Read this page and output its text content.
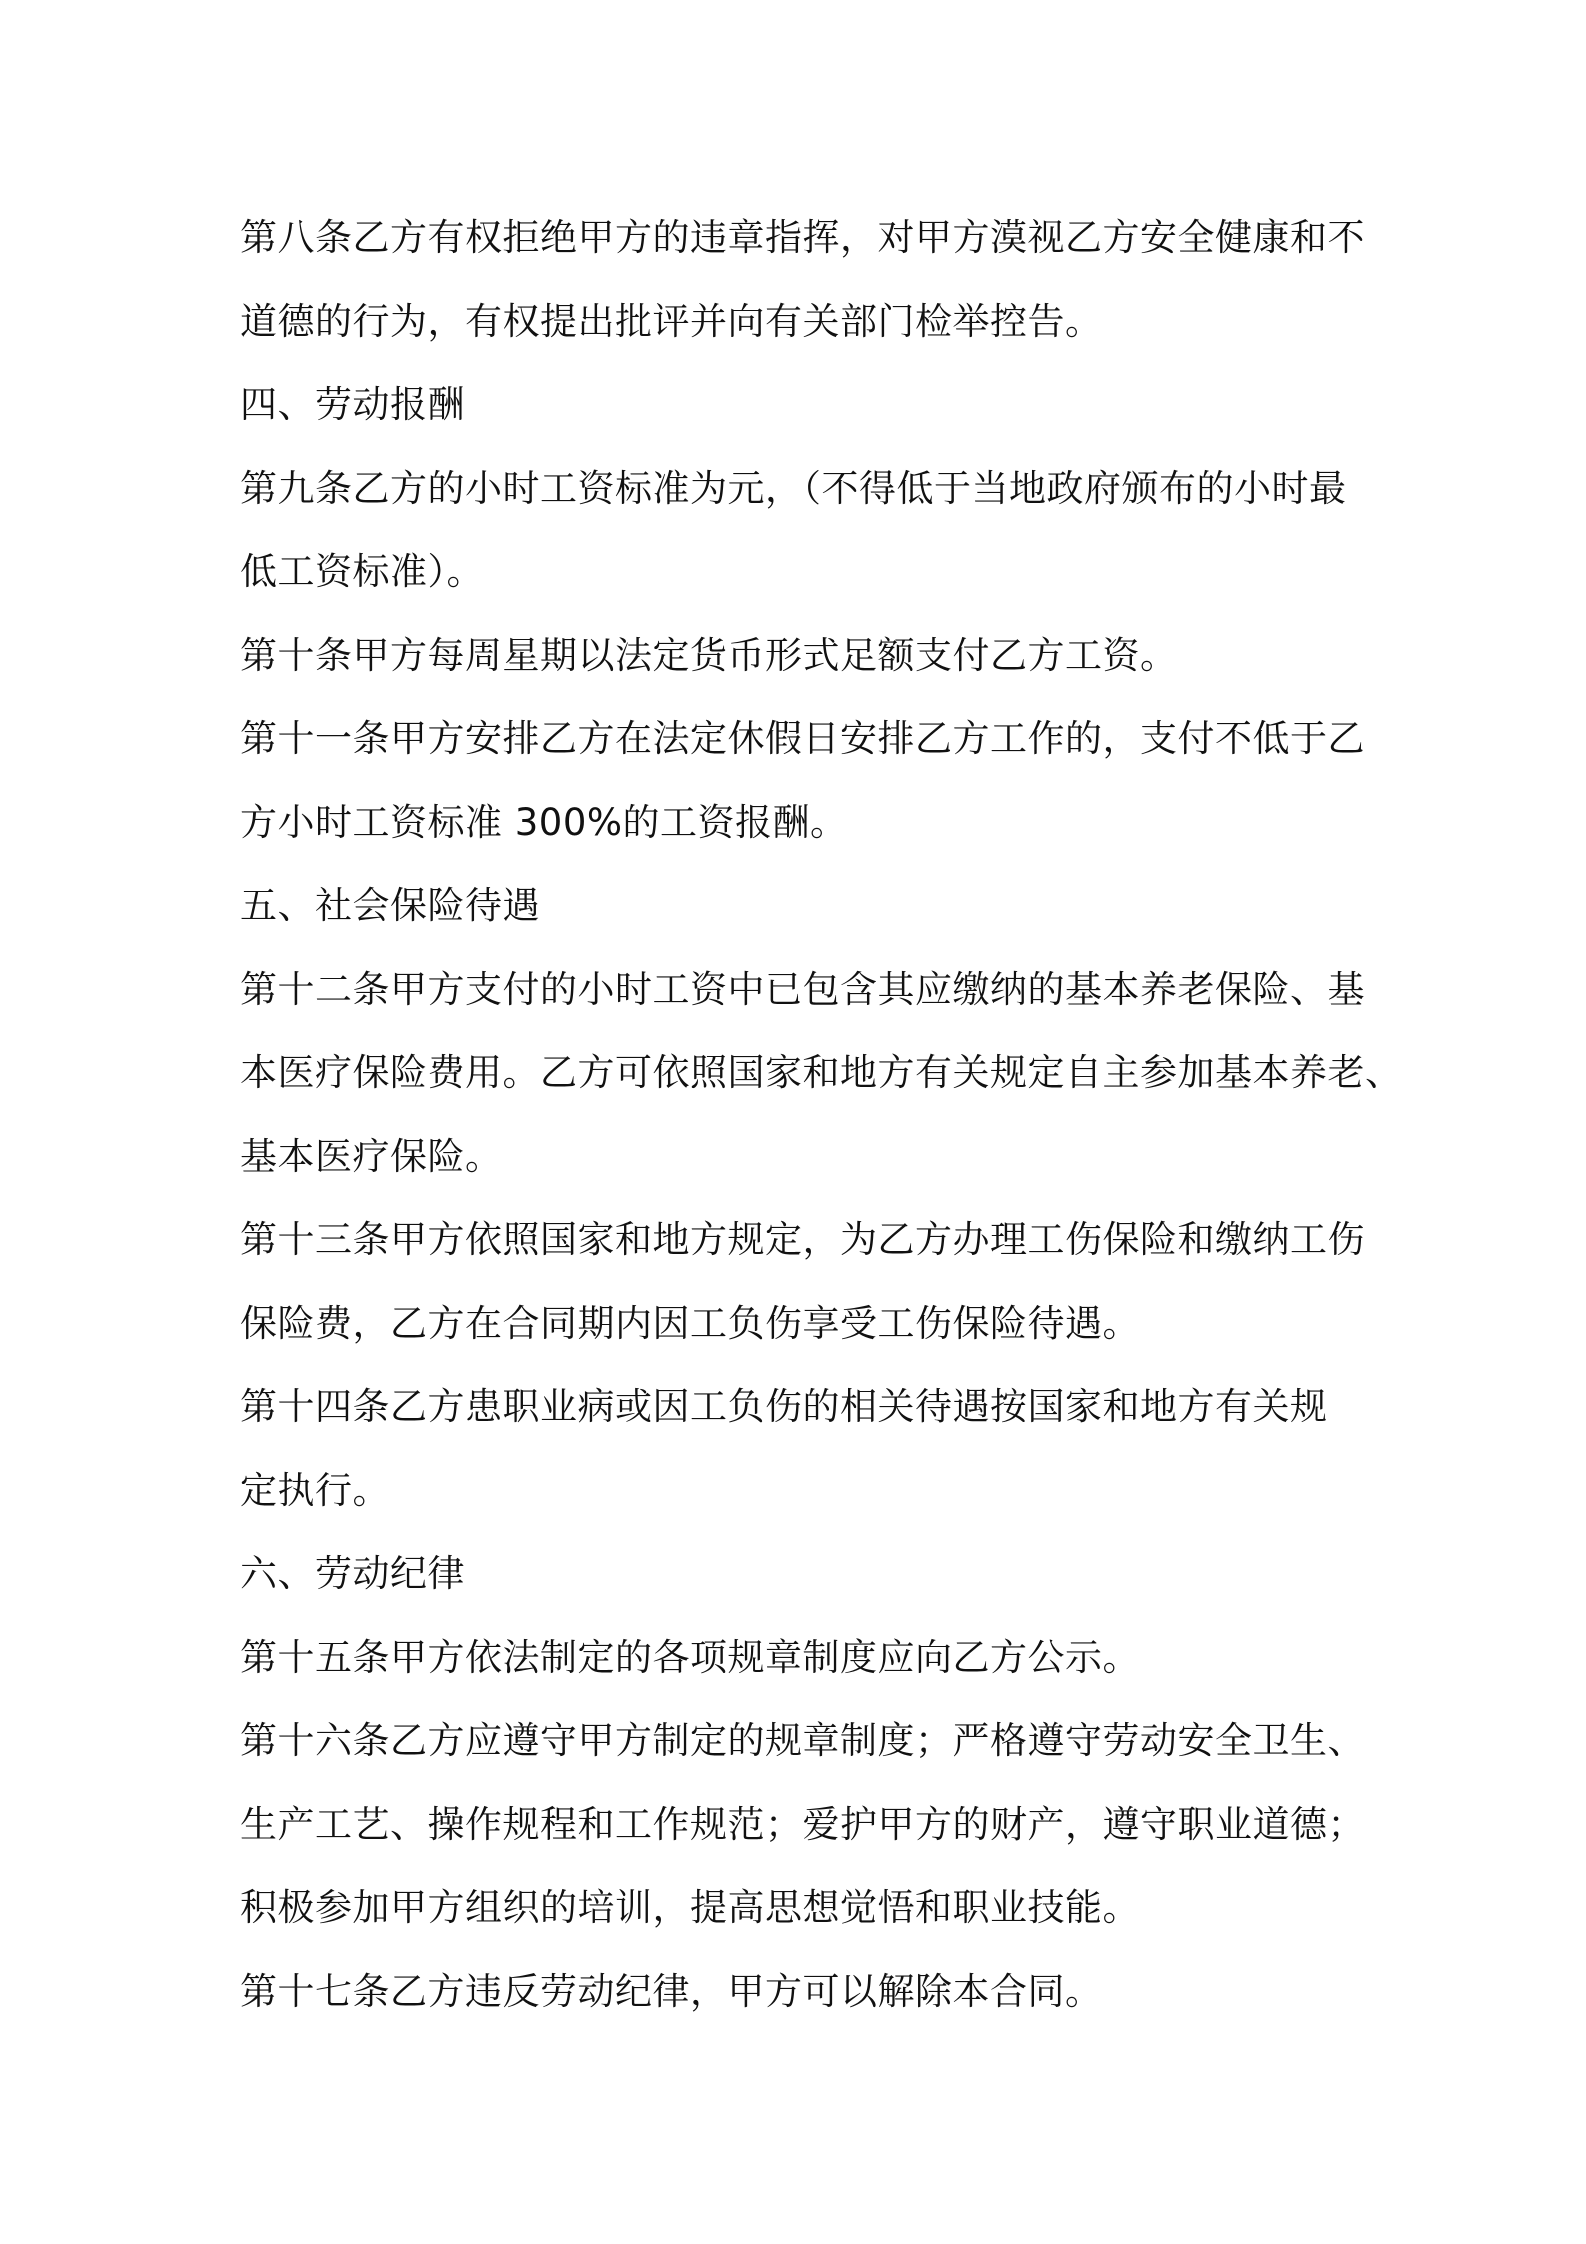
第八条乙方有权拒绝甲方的违章指挥，对甲方漠视乙方安全健康和不
道德的行为，有权提出批评并向有关部门检举控告。

四、劳动报酬

第九条乙方的小时工资标准为元，（不得低于当地政府颁布的小时最
低工资标准）。

第十条甲方每周星期以法定货币形式足额支付乙方工资。

第十一条甲方安排乙方在法定休假日安排乙方工作的，支付不低于乙
方小时工资标准 300%的工资报酬。

五、社会保险待遇

第十二条甲方支付的小时工资中已包含其应缴纳的基本养老保险、基
本医疗保险费用。乙方可依照国家和地方有关规定自主参加基本养老、
基本医疗保险。

第十三条甲方依照国家和地方规定，为乙方办理工伤保险和缴纳工伤
保险费，乙方在合同期内因工负伤享受工伤保险待遇。

第十四条乙方患职业病或因工负伤的相关待遇按国家和地方有关规
定执行。

六、劳动纪律

第十五条甲方依法制定的各项规章制度应向乙方公示。

第十六条乙方应遵守甲方制定的规章制度；严格遵守劳动安全卫生、
生产工艺、操作规程和工作规范；爱护甲方的财产，遵守职业道德；
积极参加甲方组织的培训，提高思想觉悟和职业技能。

第十七条乙方违反劳动纪律，甲方可以解除本合同。
